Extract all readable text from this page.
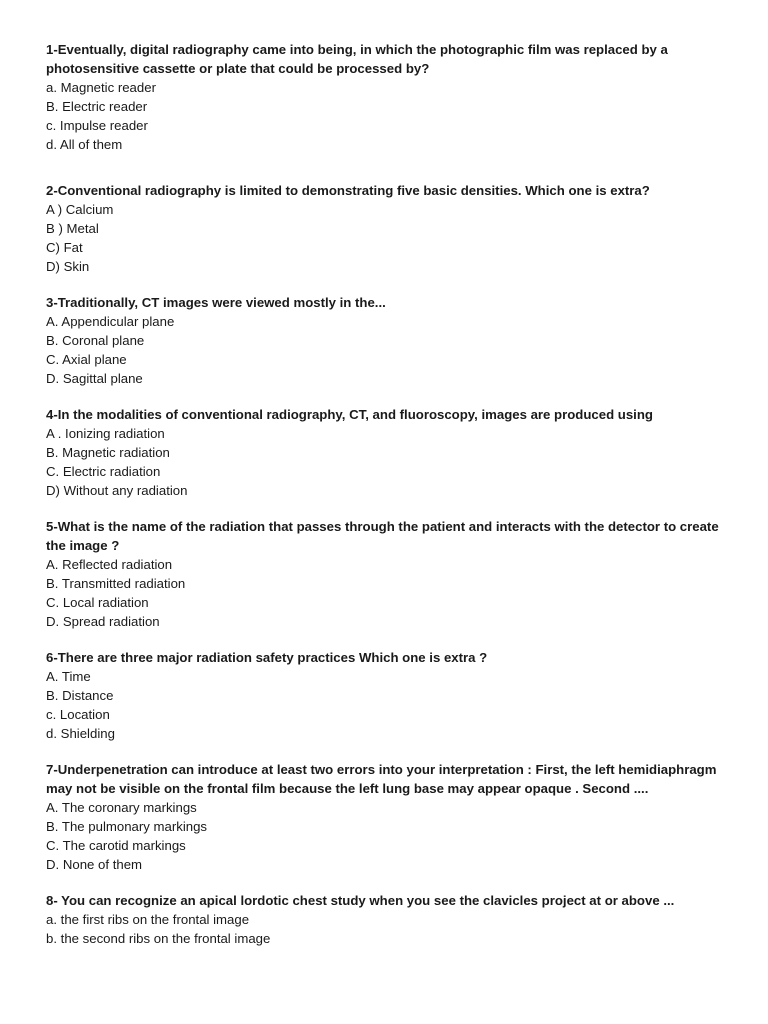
1-Eventually, digital radiography came into being, in which the photographic film was replaced by a photosensitive cassette or plate that could be processed by?
a. Magnetic reader
B. Electric reader
c. Impulse reader
d. All of them
2-Conventional radiography is limited to demonstrating five basic densities. Which one is extra?
A ) Calcium
B ) Metal
C) Fat
D) Skin
3-Traditionally, CT images were viewed mostly in the...
A. Appendicular plane
B. Coronal plane
C. Axial plane
D. Sagittal plane
4-In the modalities of conventional radiography, CT, and fluoroscopy, images are produced using
A . Ionizing radiation
B. Magnetic radiation
C. Electric radiation
D) Without any radiation
5-What is the name of the radiation that passes through the patient and interacts with the detector to create the image ?
A. Reflected radiation
B. Transmitted radiation
C. Local radiation
D. Spread radiation
6-There are three major radiation safety practices Which one is extra ?
A. Time
B. Distance
c. Location
d. Shielding
7-Underpenetration can introduce at least two errors into your interpretation : First, the left hemidiaphragm may not be visible on the frontal film because the left lung base may appear opaque . Second ....
A. The coronary markings
B. The pulmonary markings
C. The carotid markings
D. None of them
8- You can recognize an apical lordotic chest study when you see the clavicles project at or above ...
a. the first ribs on the frontal image
b. the second ribs on the frontal image
